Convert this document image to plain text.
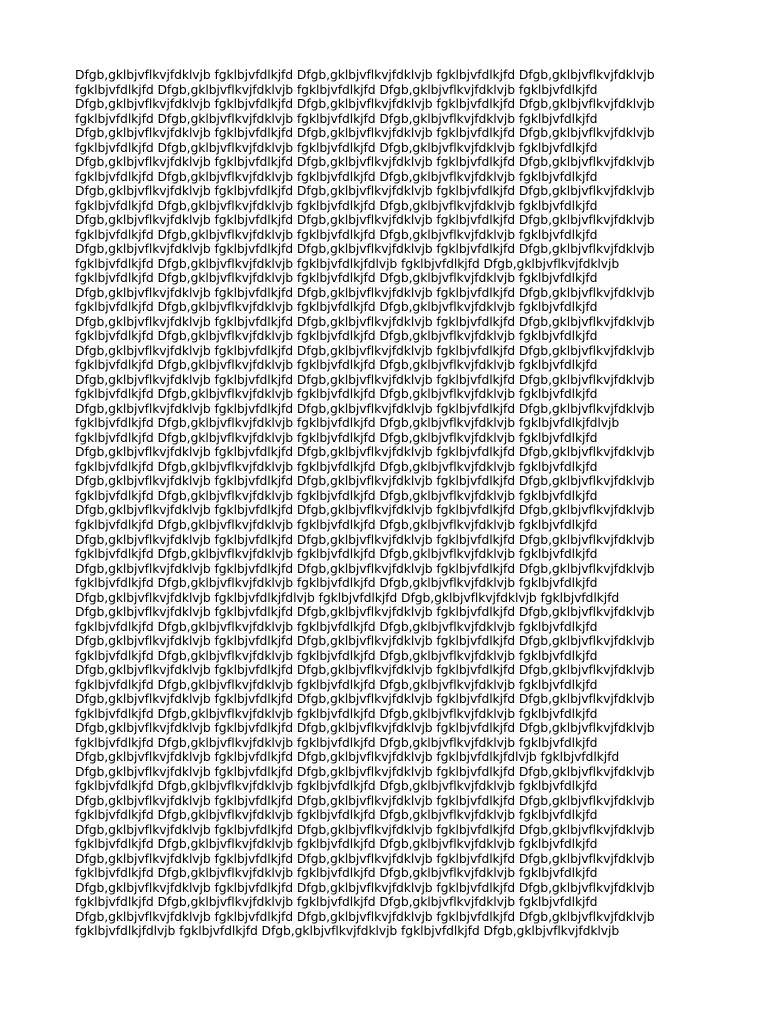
Dfgb,gklbjvflkvjfdklvjb fgklbjvfdlkjfd Dfgb,gklbjvflkvjfdklvjb fgklbjvfdlkjfd Dfgb,gklbjvflkvjfdklvjb
fgklbjvfdlkjfd Dfgb,gklbjvflkvjfdklvjb fgklbjvfdlkjfd Dfgb,gklbjvflkvjfdklvjb fgklbjvfdlkjfd
Dfgb,gklbjvflkvjfdklvjb fgklbjvfdlkjfd Dfgb,gklbjvflkvjfdklvjb fgklbjvfdlkjfd Dfgb,gklbjvflkvjfdklvjb
fgklbjvfdlkjfd Dfgb,gklbjvflkvjfdklvjb fgklbjvfdlkjfd Dfgb,gklbjvflkvjfdklvjb fgklbjvfdlkjfd
Dfgb,gklbjvflkvjfdklvjb fgklbjvfdlkjfd Dfgb,gklbjvflkvjfdklvjb fgklbjvfdlkjfd Dfgb,gklbjvflkvjfdklvjb
fgklbjvfdlkjfd Dfgb,gklbjvflkvjfdklvjb fgklbjvfdlkjfd Dfgb,gklbjvflkvjfdklvjb fgklbjvfdlkjfd
Dfgb,gklbjvflkvjfdklvjb fgklbjvfdlkjfd Dfgb,gklbjvflkvjfdklvjb fgklbjvfdlkjfd Dfgb,gklbjvflkvjfdklvjb
fgklbjvfdlkjfd Dfgb,gklbjvflkvjfdklvjb fgklbjvfdlkjfd Dfgb,gklbjvflkvjfdklvjb fgklbjvfdlkjfd
Dfgb,gklbjvflkvjfdklvjb fgklbjvfdlkjfd Dfgb,gklbjvflkvjfdklvjb fgklbjvfdlkjfd Dfgb,gklbjvflkvjfdklvjb
fgklbjvfdlkjfd Dfgb,gklbjvflkvjfdklvjb fgklbjvfdlkjfd Dfgb,gklbjvflkvjfdklvjb fgklbjvfdlkjfd
Dfgb,gklbjvflkvjfdklvjb fgklbjvfdlkjfd Dfgb,gklbjvflkvjfdklvjb fgklbjvfdlkjfd Dfgb,gklbjvflkvjfdklvjb
fgklbjvfdlkjfd Dfgb,gklbjvflkvjfdklvjb fgklbjvfdlkjfd Dfgb,gklbjvflkvjfdklvjb fgklbjvfdlkjfd
Dfgb,gklbjvflkvjfdklvjb fgklbjvfdlkjfd Dfgb,gklbjvflkvjfdklvjb fgklbjvfdlkjfd Dfgb,gklbjvflkvjfdklvjb
fgklbjvfdlkjfd Dfgb,gklbjvflkvjfdklvjb fgklbjvfdlkjfdlvjb fgklbjvfdlkjfd Dfgb,gklbjvflkvjfdklvjb
fgklbjvfdlkjfd Dfgb,gklbjvflkvjfdklvjb fgklbjvfdlkjfd Dfgb,gklbjvflkvjfdklvjb fgklbjvfdlkjfd
Dfgb,gklbjvflkvjfdklvjb fgklbjvfdlkjfd Dfgb,gklbjvflkvjfdklvjb fgklbjvfdlkjfd Dfgb,gklbjvflkvjfdklvjb
fgklbjvfdlkjfd Dfgb,gklbjvflkvjfdklvjb fgklbjvfdlkjfd Dfgb,gklbjvflkvjfdklvjb fgklbjvfdlkjfd
Dfgb,gklbjvflkvjfdklvjb fgklbjvfdlkjfd Dfgb,gklbjvflkvjfdklvjb fgklbjvfdlkjfd Dfgb,gklbjvflkvjfdklvjb
fgklbjvfdlkjfd Dfgb,gklbjvflkvjfdklvjb fgklbjvfdlkjfd Dfgb,gklbjvflkvjfdklvjb fgklbjvfdlkjfd
Dfgb,gklbjvflkvjfdklvjb fgklbjvfdlkjfd Dfgb,gklbjvflkvjfdklvjb fgklbjvfdlkjfd Dfgb,gklbjvflkvjfdklvjb
fgklbjvfdlkjfd Dfgb,gklbjvflkvjfdklvjb fgklbjvfdlkjfd Dfgb,gklbjvflkvjfdklvjb fgklbjvfdlkjfd
Dfgb,gklbjvflkvjfdklvjb fgklbjvfdlkjfd Dfgb,gklbjvflkvjfdklvjb fgklbjvfdlkjfd Dfgb,gklbjvflkvjfdklvjb
fgklbjvfdlkjfd Dfgb,gklbjvflkvjfdklvjb fgklbjvfdlkjfd Dfgb,gklbjvflkvjfdklvjb fgklbjvfdlkjfd
Dfgb,gklbjvflkvjfdklvjb fgklbjvfdlkjfd Dfgb,gklbjvflkvjfdklvjb fgklbjvfdlkjfd Dfgb,gklbjvflkvjfdklvjb
fgklbjvfdlkjfd Dfgb,gklbjvflkvjfdklvjb fgklbjvfdlkjfd Dfgb,gklbjvflkvjfdklvjb fgklbjvfdlkjfdlvjb
fgklbjvfdlkjfd Dfgb,gklbjvflkvjfdklvjb fgklbjvfdlkjfd Dfgb,gklbjvflkvjfdklvjb fgklbjvfdlkjfd
Dfgb,gklbjvflkvjfdklvjb fgklbjvfdlkjfd Dfgb,gklbjvflkvjfdklvjb fgklbjvfdlkjfd Dfgb,gklbjvflkvjfdklvjb
fgklbjvfdlkjfd Dfgb,gklbjvflkvjfdklvjb fgklbjvfdlkjfd Dfgb,gklbjvflkvjfdklvjb fgklbjvfdlkjfd
Dfgb,gklbjvflkvjfdklvjb fgklbjvfdlkjfd Dfgb,gklbjvflkvjfdklvjb fgklbjvfdlkjfd Dfgb,gklbjvflkvjfdklvjb
fgklbjvfdlkjfd Dfgb,gklbjvflkvjfdklvjb fgklbjvfdlkjfd Dfgb,gklbjvflkvjfdklvjb fgklbjvfdlkjfd
Dfgb,gklbjvflkvjfdklvjb fgklbjvfdlkjfd Dfgb,gklbjvflkvjfdklvjb fgklbjvfdlkjfd Dfgb,gklbjvflkvjfdklvjb
fgklbjvfdlkjfd Dfgb,gklbjvflkvjfdklvjb fgklbjvfdlkjfd Dfgb,gklbjvflkvjfdklvjb fgklbjvfdlkjfd
Dfgb,gklbjvflkvjfdklvjb fgklbjvfdlkjfd Dfgb,gklbjvflkvjfdklvjb fgklbjvfdlkjfd Dfgb,gklbjvflkvjfdklvjb
fgklbjvfdlkjfd Dfgb,gklbjvflkvjfdklvjb fgklbjvfdlkjfd Dfgb,gklbjvflkvjfdklvjb fgklbjvfdlkjfd
Dfgb,gklbjvflkvjfdklvjb fgklbjvfdlkjfd Dfgb,gklbjvflkvjfdklvjb fgklbjvfdlkjfd Dfgb,gklbjvflkvjfdklvjb
fgklbjvfdlkjfd Dfgb,gklbjvflkvjfdklvjb fgklbjvfdlkjfd Dfgb,gklbjvflkvjfdklvjb fgklbjvfdlkjfd
Dfgb,gklbjvflkvjfdklvjb fgklbjvfdlkjfdlvjb fgklbjvfdlkjfd Dfgb,gklbjvflkvjfdklvjb fgklbjvfdlkjfd
Dfgb,gklbjvflkvjfdklvjb fgklbjvfdlkjfd Dfgb,gklbjvflkvjfdklvjb fgklbjvfdlkjfd Dfgb,gklbjvflkvjfdklvjb
fgklbjvfdlkjfd Dfgb,gklbjvflkvjfdklvjb fgklbjvfdlkjfd Dfgb,gklbjvflkvjfdklvjb fgklbjvfdlkjfd
Dfgb,gklbjvflkvjfdklvjb fgklbjvfdlkjfd Dfgb,gklbjvflkvjfdklvjb fgklbjvfdlkjfd Dfgb,gklbjvflkvjfdklvjb
fgklbjvfdlkjfd Dfgb,gklbjvflkvjfdklvjb fgklbjvfdlkjfd Dfgb,gklbjvflkvjfdklvjb fgklbjvfdlkjfd
Dfgb,gklbjvflkvjfdklvjb fgklbjvfdlkjfd Dfgb,gklbjvflkvjfdklvjb fgklbjvfdlkjfd Dfgb,gklbjvflkvjfdklvjb
fgklbjvfdlkjfd Dfgb,gklbjvflkvjfdklvjb fgklbjvfdlkjfd Dfgb,gklbjvflkvjfdklvjb fgklbjvfdlkjfd
Dfgb,gklbjvflkvjfdklvjb fgklbjvfdlkjfd Dfgb,gklbjvflkvjfdklvjb fgklbjvfdlkjfd Dfgb,gklbjvflkvjfdklvjb
fgklbjvfdlkjfd Dfgb,gklbjvflkvjfdklvjb fgklbjvfdlkjfd Dfgb,gklbjvflkvjfdklvjb fgklbjvfdlkjfd
Dfgb,gklbjvflkvjfdklvjb fgklbjvfdlkjfd Dfgb,gklbjvflkvjfdklvjb fgklbjvfdlkjfd Dfgb,gklbjvflkvjfdklvjb
fgklbjvfdlkjfd Dfgb,gklbjvflkvjfdklvjb fgklbjvfdlkjfd Dfgb,gklbjvflkvjfdklvjb fgklbjvfdlkjfd
Dfgb,gklbjvflkvjfdklvjb fgklbjvfdlkjfd Dfgb,gklbjvflkvjfdklvjb fgklbjvfdlkjfdlvjb fgklbjvfdlkjfd
Dfgb,gklbjvflkvjfdklvjb fgklbjvfdlkjfd Dfgb,gklbjvflkvjfdklvjb fgklbjvfdlkjfd Dfgb,gklbjvflkvjfdklvjb
fgklbjvfdlkjfd Dfgb,gklbjvflkvjfdklvjb fgklbjvfdlkjfd Dfgb,gklbjvflkvjfdklvjb fgklbjvfdlkjfd
Dfgb,gklbjvflkvjfdklvjb fgklbjvfdlkjfd Dfgb,gklbjvflkvjfdklvjb fgklbjvfdlkjfd Dfgb,gklbjvflkvjfdklvjb
fgklbjvfdlkjfd Dfgb,gklbjvflkvjfdklvjb fgklbjvfdlkjfd Dfgb,gklbjvflkvjfdklvjb fgklbjvfdlkjfd
Dfgb,gklbjvflkvjfdklvjb fgklbjvfdlkjfd Dfgb,gklbjvflkvjfdklvjb fgklbjvfdlkjfd Dfgb,gklbjvflkvjfdklvjb
fgklbjvfdlkjfd Dfgb,gklbjvflkvjfdklvjb fgklbjvfdlkjfd Dfgb,gklbjvflkvjfdklvjb fgklbjvfdlkjfd
Dfgb,gklbjvflkvjfdklvjb fgklbjvfdlkjfd Dfgb,gklbjvflkvjfdklvjb fgklbjvfdlkjfd Dfgb,gklbjvflkvjfdklvjb
fgklbjvfdlkjfd Dfgb,gklbjvflkvjfdklvjb fgklbjvfdlkjfd Dfgb,gklbjvflkvjfdklvjb fgklbjvfdlkjfd
Dfgb,gklbjvflkvjfdklvjb fgklbjvfdlkjfd Dfgb,gklbjvflkvjfdklvjb fgklbjvfdlkjfd Dfgb,gklbjvflkvjfdklvjb
fgklbjvfdlkjfd Dfgb,gklbjvflkvjfdklvjb fgklbjvfdlkjfd Dfgb,gklbjvflkvjfdklvjb fgklbjvfdlkjfd
Dfgb,gklbjvflkvjfdklvjb fgklbjvfdlkjfd Dfgb,gklbjvflkvjfdklvjb fgklbjvfdlkjfd Dfgb,gklbjvflkvjfdklvjb
fgklbjvfdlkjfdlvjb fgklbjvfdlkjfd Dfgb,gklbjvflkvjfdklvjb fgklbjvfdlkjfd Dfgb,gklbjvflkvjfdklvjb
